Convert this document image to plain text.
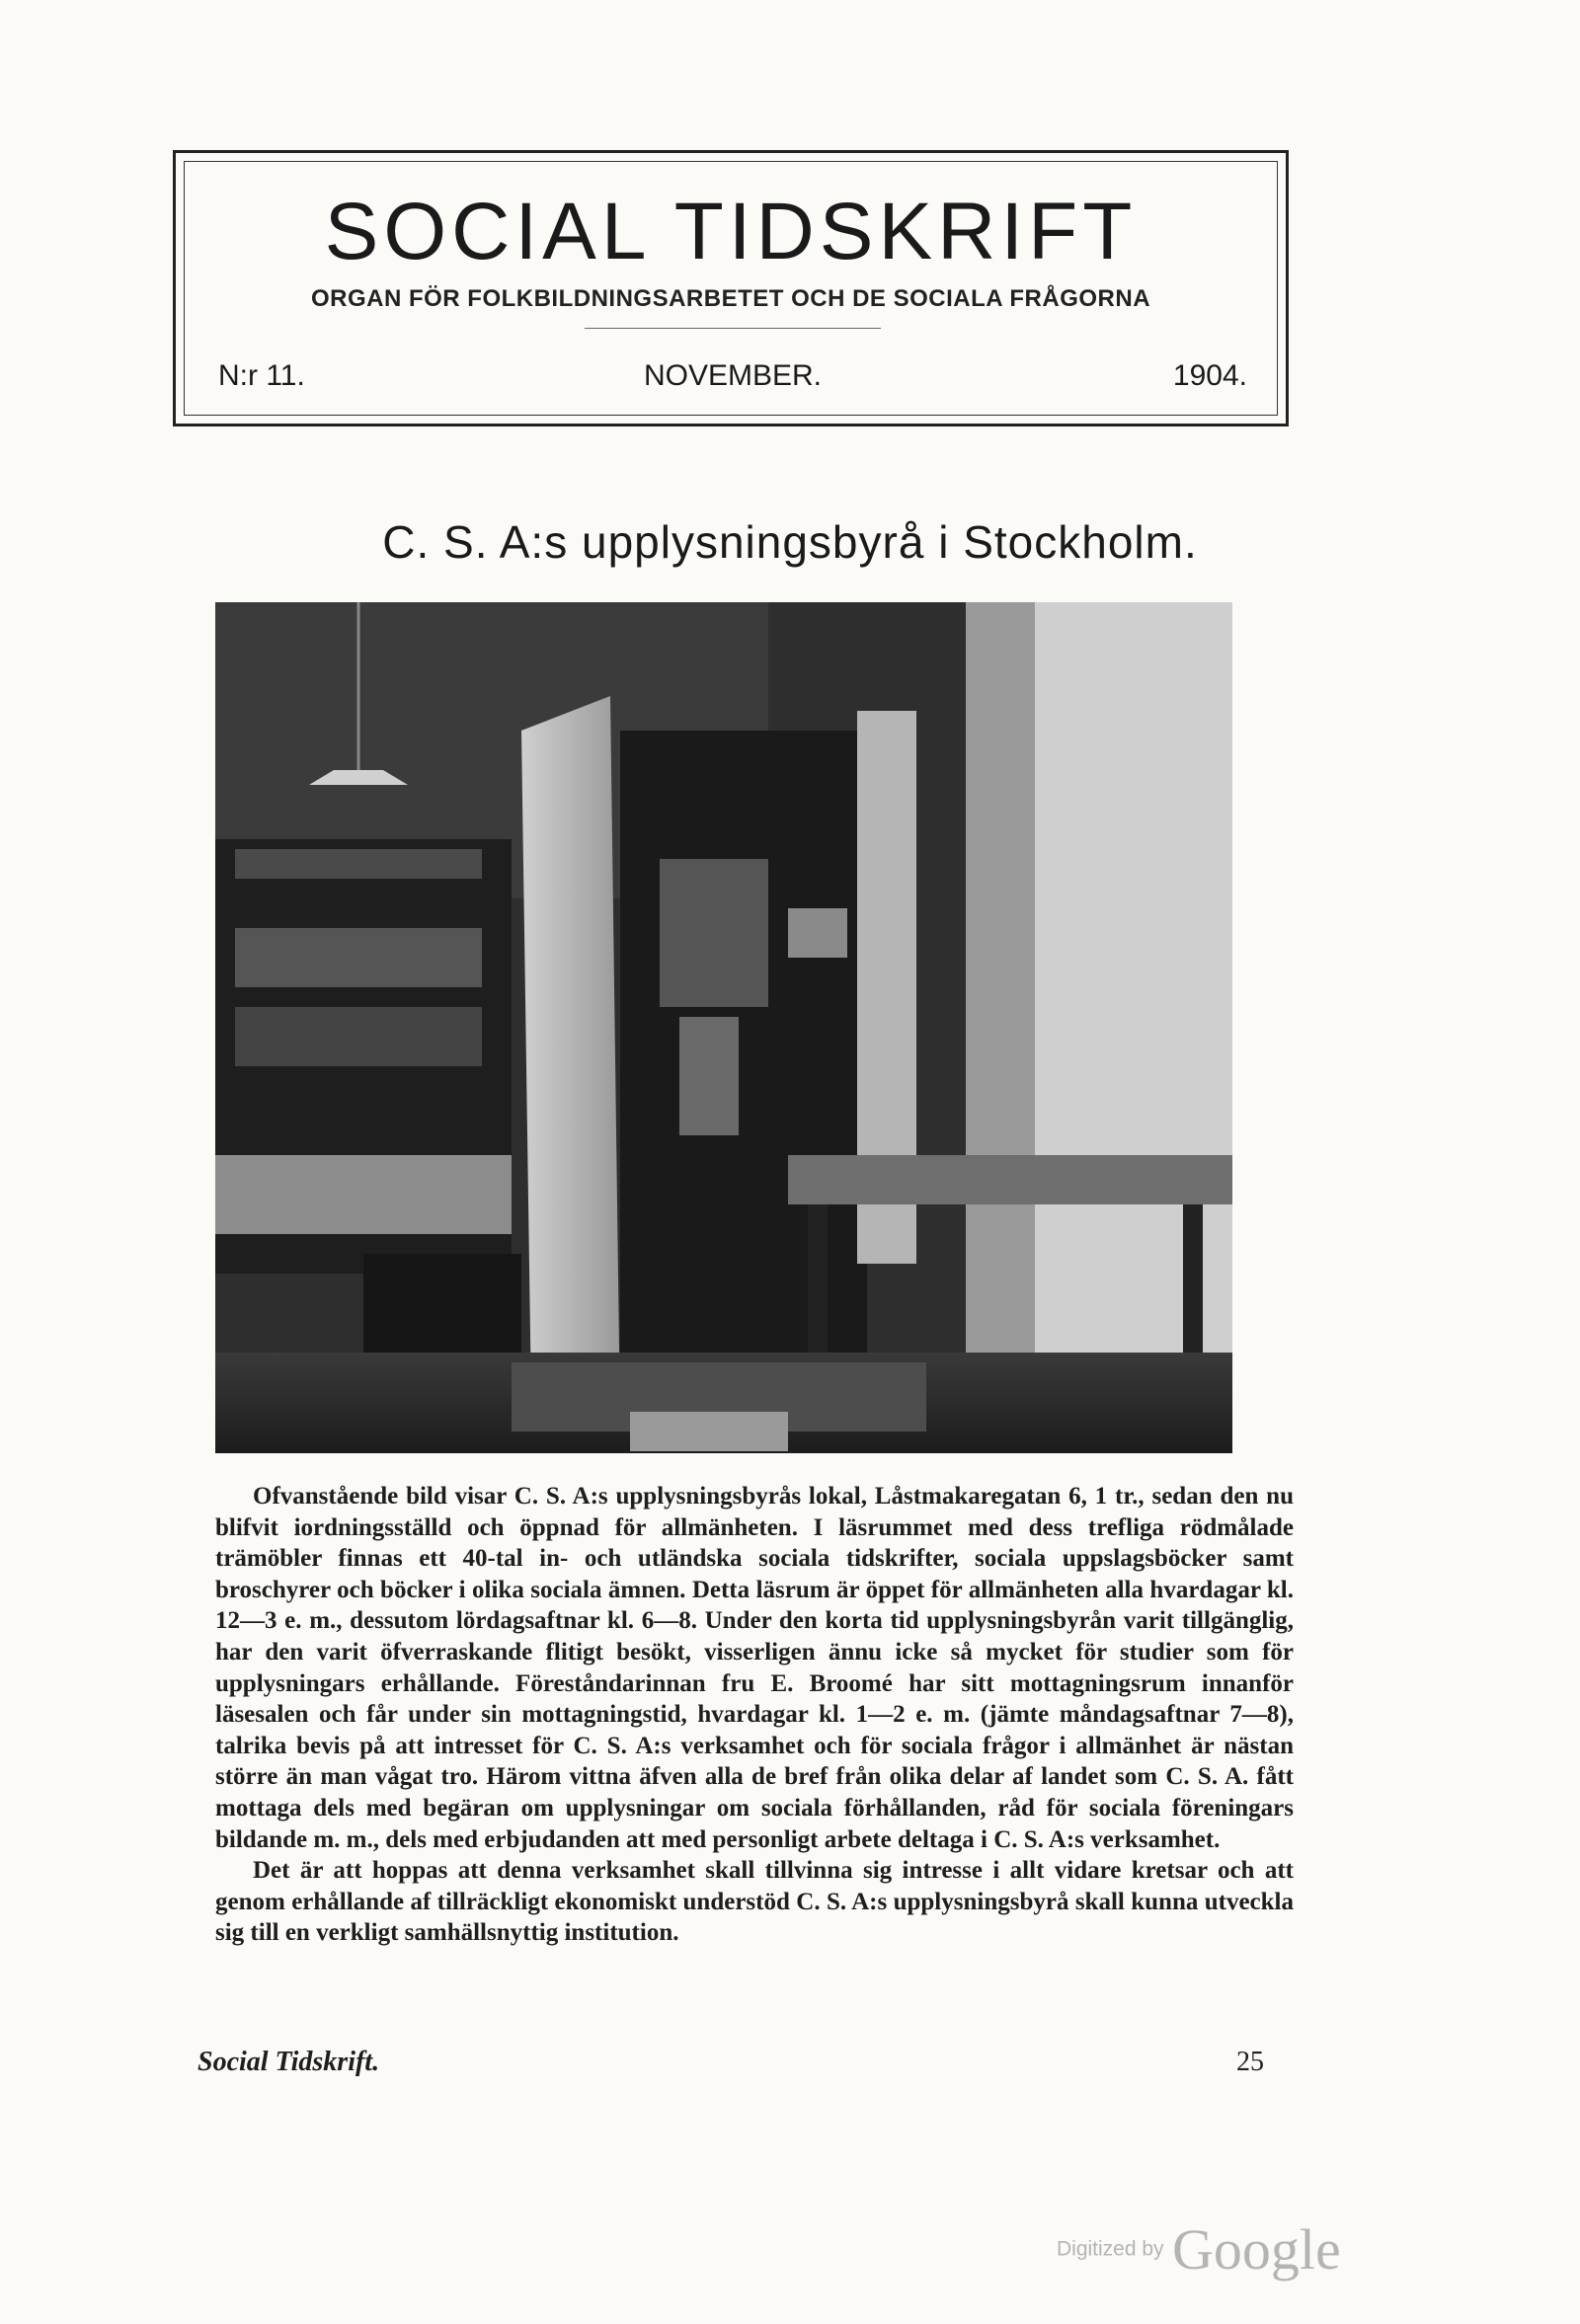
SOCIAL TIDSKRIFT
ORGAN FÖR FOLKBILDNINGSARBETET OCH DE SOCIALA FRÅGORNA
N:r 11.	NOVEMBER.	1904.
C. S. A:s upplysningsbyrå i Stockholm.

Ofvanstående bild visar C. S. A:s upplysningsbyrås lokal, Låstmakaregatan 6, 1 tr., sedan den nu blifvit iordningsställd och öppnad för allmänheten. I läsrummet med dess trefliga rödmålade trämöbler finnas ett 40-tal in- och utländska sociala tidskrifter, sociala uppslagsböcker samt broschyrer och böcker i olika sociala ämnen. Detta läsrum är öppet för allmänheten alla hvardagar kl. 12—3 e. m., dessutom lördagsaftnar kl. 6—8. Under den korta tid upplysningsbyrån varit tillgänglig, har den varit öfverraskande flitigt besökt, visserligen ännu icke så mycket för studier som för upplysningars erhållande. Föreståndarinnan fru E. Broomé har sitt mottagningsrum innanför läsesalen och får under sin mottagningstid, hvardagar kl. 1—2 e. m. (jämte måndagsaftnar 7—8), talrika bevis på att intresset för C. S. A:s verksamhet och för sociala frågor i allmänhet är nästan större än man vågat tro. Härom vittna äfven alla de bref från olika delar af landet som C. S. A. fått mottaga dels med begäran om upplysningar om sociala förhållanden, råd för sociala föreningars bildande m. m., dels med erbjudanden att med personligt arbete deltaga i C. S. A:s verksamhet.

Det är att hoppas att denna verksamhet skall tillvinna sig intresse i allt vidare kretsar och att genom erhållande af tillräckligt ekonomiskt understöd C. S. A:s upplysningsbyrå skall kunna utveckla sig till en verkligt samhällsnyttig institution.

Social Tidskrift.	25
Digitized by Google
